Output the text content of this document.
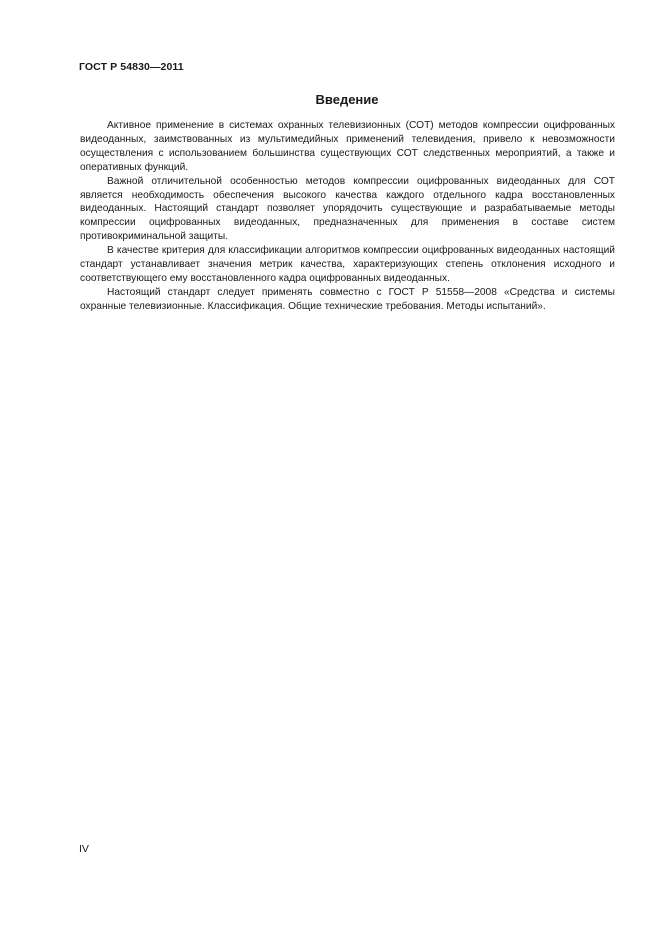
ГОСТ Р 54830—2011
Введение

Активное применение в системах охранных телевизионных (СОТ) методов компрессии оцифрованных видеоданных, заимствованных из мультимедийных применений телевидения, привело к невозможности осуществления с использованием большинства существующих СОТ следственных мероприятий, а также и оперативных функций.

Важной отличительной особенностью методов компрессии оцифрованных видеоданных для СОТ является необходимость обеспечения высокого качества каждого отдельного кадра восстановленных видеоданных. Настоящий стандарт позволяет упорядочить существующие и разрабатываемые методы компрессии оцифрованных видеоданных, предназначенных для применения в составе систем противокриминальной защиты.

В качестве критерия для классификации алгоритмов компрессии оцифрованных видеоданных настоящий стандарт устанавливает значения метрик качества, характеризующих степень отклонения исходного и соответствующего ему восстановленного кадра оцифрованных видеоданных.

Настоящий стандарт следует применять совместно с ГОСТ Р 51558—2008 «Средства и системы охранные телевизионные. Классификация. Общие технические требования. Методы испытаний».

IV
